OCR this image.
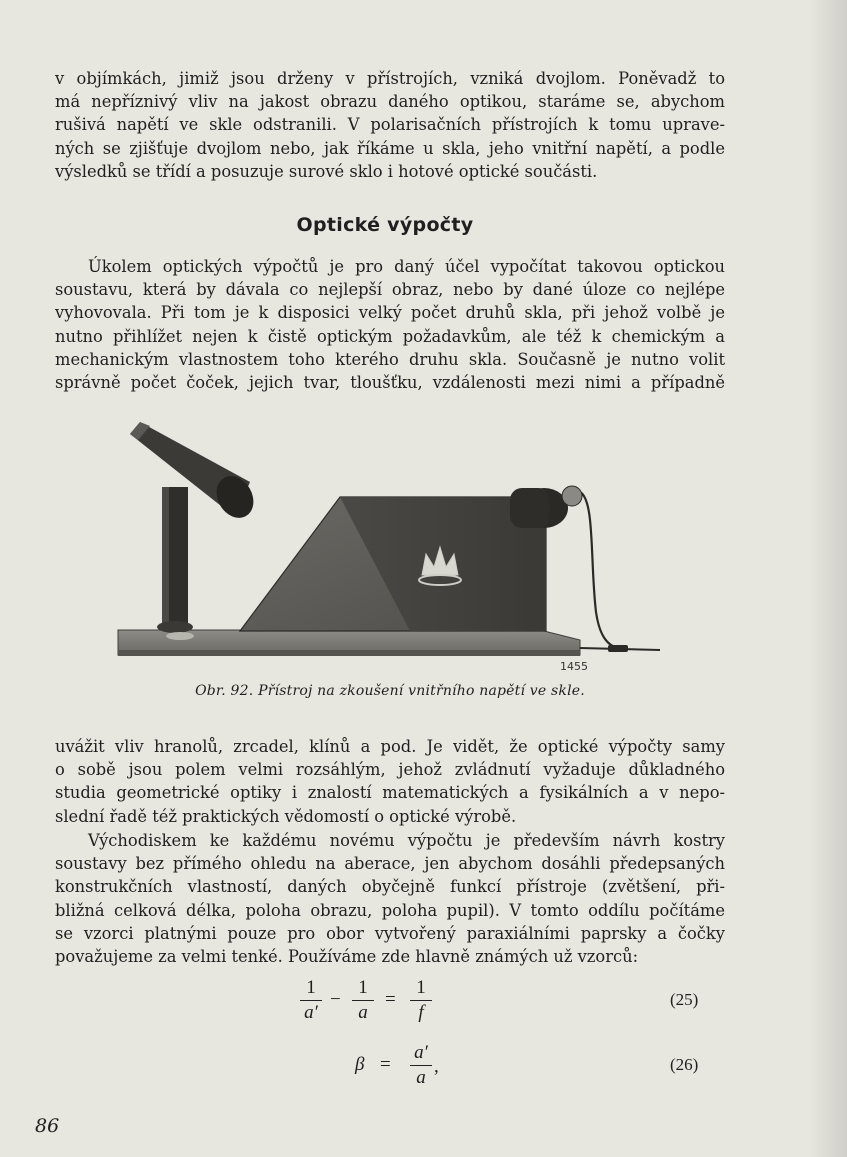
v objímkách, jimiž jsou drženy v přístrojích, vzniká dvojlom. Poněvadž to
má nepříznivý vliv na jakost obrazu daného optikou, staráme se, abychom
rušivá napětí ve skle odstranili. V polarisačních přístrojích k tomu uprave-
ných se zjišťuje dvojlom nebo, jak říkáme u skla, jeho vnitřní napětí, a podle
výsledků se třídí a posuzuje surové sklo i hotové optické součásti.
Optické výpočty
Úkolem optických výpočtů je pro daný účel vypočítat takovou optickou
soustavu, která by dávala co nejlepší obraz, nebo by dané úloze co nejlépe
vyhovovala. Při tom je k disposici velký počet druhů skla, při jehož volbě je
nutno přihlížet nejen k čistě optickým požadavkům, ale též k chemickým a
mechanickým vlastnostem toho kterého druhu skla. Současně je nutno volit
správně počet čoček, jejich tvar, tloušťku, vzdálenosti mezi nimi a případně
1455
Obr. 92. Přístroj na zkoušení vnitřního napětí ve skle.
uvážit vliv hranolů, zrcadel, klínů a pod. Je vidět, že optické výpočty samy
o sobě jsou polem velmi rozsáhlým, jehož zvládnutí vyžaduje důkladného
studia geometrické optiky i znalostí matematických a fysikálních a v nepo-
slední řadě též praktických vědomostí o optické výrobě.
Východiskem ke každému novému výpočtu je především návrh kostry
soustavy bez přímého ohledu na aberace, jen abychom dosáhli předepsaných
konstrukčních vlastností, daných obyčejně funkcí přístroje (zvětšení, při-
bližná celková délka, poloha obrazu, poloha pupil). V tomto oddílu počítáme
se vzorci platnými pouze pro obor vytvořený paraxiálními paprsky a čočky
považujeme za velmi tenké. Používáme zde hlavně známých už vzorců:
$\frac{1}{a'} - \frac{1}{a} = \frac{1}{f}$	(25)
$\beta = \frac{a'}{a}$ ,	(26)
86
